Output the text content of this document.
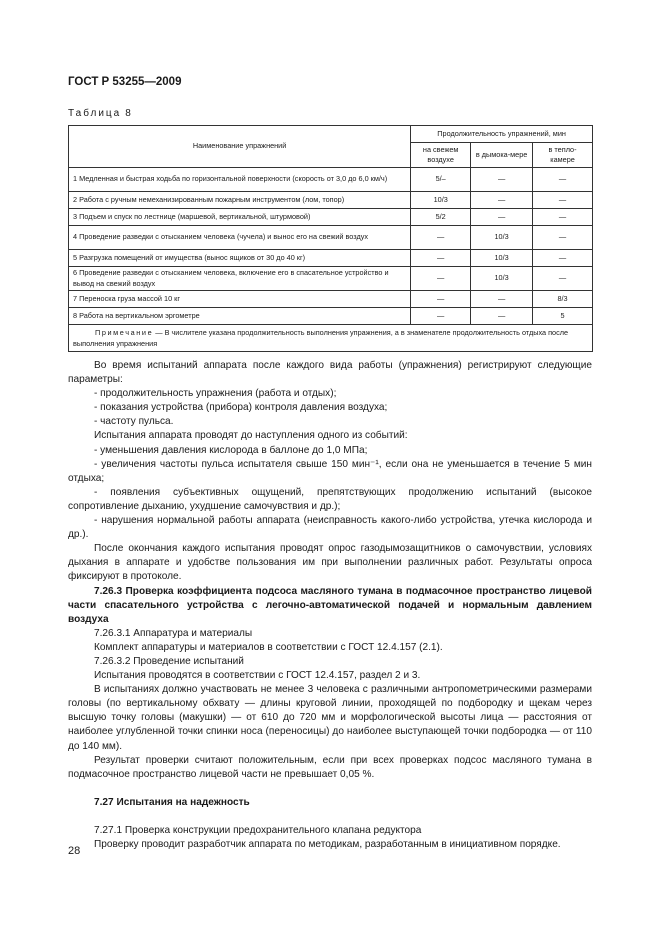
ГОСТ Р 53255—2009
Таблица 8
Наименование упражнений	Продолжительность упражнений, мин		
	на свежем воздухе	в дымока-мере	в тепло-камере
1 Медленная и быстрая ходьба по горизонтальной поверхности (скорость от 3,0 до 6,0 км/ч)	5/–	—	—
2 Работа с ручным немеханизированным пожарным инструментом (лом, топор)	10/3	—	—
3 Подъем и спуск по лестнице (маршевой, вертикальной, штурмовой)	5/2	—	—
4 Проведение разведки с отысканием человека (чучела) и вынос его на свежий воздух	—	10/3	—
5 Разгрузка помещений от имущества (вынос ящиков от 30 до 40 кг)	—	10/3	—
6 Проведение разведки с отысканием человека, включение его в спасательное устройство и вывод на свежий воздух	—	10/3	—
7 Переноска груза массой 10 кг	—	—	8/3
8 Работа на вертикальном эргометре	—	—	5
Примечание — В числителе указана продолжительность выполнения упражнения, а в знаменателе продолжительность отдыха после выполнения упражнения			

Во время испытаний аппарата после каждого вида работы (упражнения) регистрируют следующие параметры:

- продолжительность упражнения (работа и отдых);

- показания устройства (прибора) контроля давления воздуха;

- частоту пульса.

Испытания аппарата проводят до наступления одного из событий:

- уменьшения давления кислорода в баллоне до 1,0 МПа;

- увеличения частоты пульса испытателя свыше 150 мин⁻¹, если она не уменьшается в течение 5 мин отдыха;

- появления субъективных ощущений, препятствующих продолжению испытаний (высокое сопротивление дыханию, ухудшение самочувствия и др.);

- нарушения нормальной работы аппарата (неисправность какого-либо устройства, утечка кислорода и др.).

После окончания каждого испытания проводят опрос газодымозащитников о самочувствии, условиях дыхания в аппарате и удобстве пользования им при выполнении различных работ. Результаты опроса фиксируют в протоколе.

7.26.3 Проверка коэффициента подсоса масляного тумана в подмасочное пространство лицевой части спасательного устройства с легочно-автоматической подачей и нормальным давлением воздуха

7.26.3.1 Аппаратура и материалы

Комплект аппаратуры и материалов в соответствии с ГОСТ 12.4.157 (2.1).

7.26.3.2 Проведение испытаний

Испытания проводятся в соответствии с ГОСТ 12.4.157, раздел 2 и 3.

В испытаниях должно участвовать не менее 3 человека с различными антропометрическими размерами головы (по вертикальному обхвату — длины круговой линии, проходящей по подбородку и щекам через высшую точку головы (макушки) — от 610 до 720 мм и морфологической высоты лица — расстояния от наиболее углубленной точки спинки носа (переносицы) до наиболее выступающей точки подбородка — от 110 до 140 мм).

Результат проверки считают положительным, если при всех проверках подсос масляного тумана в подмасочное пространство лицевой части не превышает 0,05 %.

7.27 Испытания на надежность

7.27.1 Проверка конструкции предохранительного клапана редуктора

Проверку проводит разработчик аппарата по методикам, разработанным в инициативном порядке.

28
